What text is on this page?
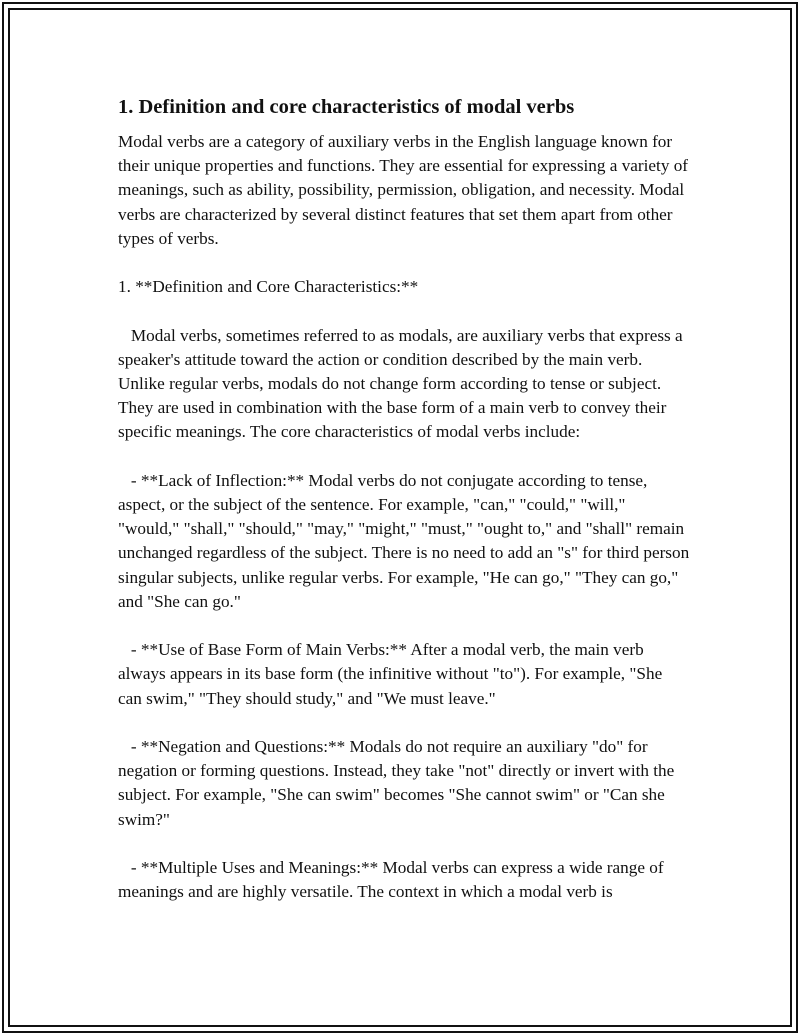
1. Definition and core characteristics of modal verbs

Modal verbs are a category of auxiliary verbs in the English language known for their unique properties and functions. They are essential for expressing a variety of meanings, such as ability, possibility, permission, obligation, and necessity. Modal verbs are characterized by several distinct features that set them apart from other types of verbs.

1. **Definition and Core Characteristics:**

Modal verbs, sometimes referred to as modals, are auxiliary verbs that express a speaker's attitude toward the action or condition described by the main verb. Unlike regular verbs, modals do not change form according to tense or subject. They are used in combination with the base form of a main verb to convey their specific meanings. The core characteristics of modal verbs include:

- **Lack of Inflection:** Modal verbs do not conjugate according to tense, aspect, or the subject of the sentence. For example, "can," "could," "will," "would," "shall," "should," "may," "might," "must," "ought to," and "shall" remain unchanged regardless of the subject. There is no need to add an "s" for third person singular subjects, unlike regular verbs. For example, "He can go," "They can go," and "She can go."

- **Use of Base Form of Main Verbs:** After a modal verb, the main verb always appears in its base form (the infinitive without "to"). For example, "She can swim," "They should study," and "We must leave."

- **Negation and Questions:** Modals do not require an auxiliary "do" for negation or forming questions. Instead, they take "not" directly or invert with the subject. For example, "She can swim" becomes "She cannot swim" or "Can she swim?"

- **Multiple Uses and Meanings:** Modal verbs can express a wide range of meanings and are highly versatile. The context in which a modal verb is
